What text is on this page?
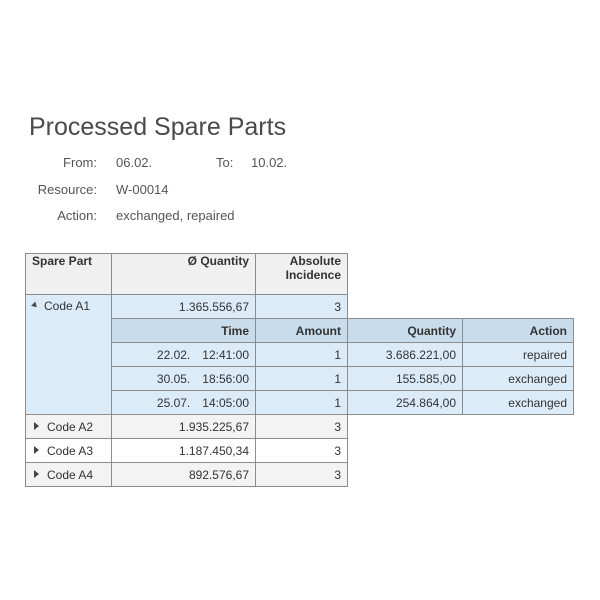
Processed Spare Parts
From: 06.02.	To: 10.02.
Resource: W-00014
Action: exchanged, repaired
Spare Part	Ø Quantity	Absolute
Incidence		
Code A1	1.365.556,67	3		
	Time	Amount	Quantity	Action
	22.02. 12:41:00	1	3.686.221,00	repaired
	30.05. 18:56:00	1	155.585,00	exchanged
	25.07. 14:05:00	1	254.864,00	exchanged
Code A2	1.935.225,67	3		
Code A3	1.187.450,34	3		
Code A4	892.576,67	3		
